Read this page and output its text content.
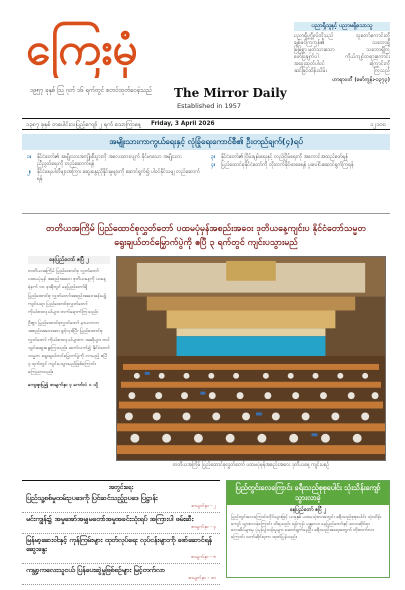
ကြေးမုံ
၁၉၅၇ ခုနှစ် ဩ ဂုတ် ၁၆ ရက်တွင် စတင်ထုတ်ဝေခဲ့သည် The Mirror Daily
Established in 1957
ပညာရှိသူနှင့် ပညာမရှိသောသူ
ပညာရှိပုဂ္ဂိုလ်တို့သည်	သူတော်ကောင်းတို့
ချစ်ခင်ကြကုန်၏	သဘောရှိ
မြဲမြံစွာ မှတ်သားသော	သဘောရှိကြ
ဖော်ပြချက်ပါ	ကိုယ်ကျင့်တရားကောင်း
အထူးထုတ်ပါဝင်	ကြောင်းကို
ဆင်ခြင်ထိန်းသိမ်း	ကြသည်
ဟာရာဝတီ (မော်ကွန်း-၁၃၇၃)
၁၃၈၇ ခုနှစ် တပေါင်းလပြည့်ကျော် ၂ ရက် သောကြာနေ့ Friday, 3 April 2026	၁၂၁၀၀
အမျိုးသားကာကွယ်ရေးနှင့် လုံခြုံရေးကောင်စီ၏ ဦးတည်ချက်(၄)ရပ်
၁။	နိုင်ငံတော်၏ အမျိုးသားအကျိုးစီးပွားကို အလေးထားလျက် ခိုင်မာသော အမျိုးသားညီညွတ်ရေးကို တည်ဆောက်ရန်
၂။	နိုင်ငံရေးပါတီများအကြား ဆွေးနွေးညှိနှိုင်းမှုများကို ဆောင်ရွက်၍ ပါဝင်နိုင်သမျှ တည်ဆောက်ရန်
၃။	နိုင်ငံတော်၏ ငြိမ်းချမ်းရေးနှင့် တည်ငြိမ်ရေးကို အကောင်အထည်ဖော်ရန်
၄။	ပြည်ထောင်စုနိုင်ငံတော်ကို တိုးတက်ခိုင်မာစေရန် ပူးပေါင်းဆောင်ရွက်ကြရန်
တတိယအကြိမ် ပြည်ထောင်စုလွှတ်တော် ပထမပုံမှန်အစည်းအဝေး ဒုတိယနေ့ကျင်းပ နိုင်ငံတော်သမ္မတရွေးချယ်တင်မြှောက်ပွဲကို ဧပြီ ၃ ရက်တွင် ကျင်းပသွားမည်
နေပြည်တော် ဧပြီ ၂

တတိယအကြိမ် ပြည်ထောင်စု လွှတ်တော် ပထမပုံမှန် အစည်းအဝေး ဒုတိယနေ့ကို ယနေ့နံနက် ၁၀ နာရီတွင် နေပြည်တော်ရှိ ပြည်ထောင်စု လွှတ်တော်အစည်းအဝေးခန်းမ၌ ကျင်းပရာ ပြည်ထောင်စုလွှတ်တော် ကိုယ်စားလှယ်များ တက်ရောက်ကြသည်။

ဦးစွာ ပြည်ထောင်စုလွှတ်တော် နာယကက အစည်းအဝေးအား ဖွင့်လှစ်ပြီး ပြည်ထောင်စုလွှတ်တော် ကိုယ်စားလှယ်များက အဆိုများ တင်သွင်းဆွေးနွေးကြသည်။ ဆက်လက်၍ နိုင်ငံတော်သမ္မတ ရွေးချယ်တင်မြှောက်ပွဲကို လာမည့် ဧပြီ ၃ ရက်တွင် ကျင်းပသွားမည်ဖြစ်ကြောင်း ကြေညာသည်။

ကျေးဇူးပြု၍ စာမျက်နှာ ၃ ကော်လံ ၁ သို့

တတိယအကြိမ် ပြည်ထောင်စုလွှတ်တော် ပထမပုံမှန်အစည်းအဝေး ဒုတိယနေ့ ကျင်းပစဉ်
အတွင်းရေး
ပြည်သူ့စစ်မှုထမ်းဥပဒေကို ပြင်ဆင်သည့်ဥပဒေ ပြဋ္ဌာန်း
စာမျက်နှာ - ၂
မင်းကျွန်း၌ အမှုအော်အမျှမတော်အမှုအခင်းသုံးရပ် အကြားပါ ဖမ်းဆီး
စာမျက်နှာ - ၃
မြန်မာ့ဆေးဝါးနှင့် ကုန်ကြမ်းများ ထုတ်လုပ်ရေး လုပ်ငန်းများကို ဖော်ဆောင်ရန် ဆွေးနွေး
စာမျက်နှာ - ၈
ကမ္ဘာ့ကလေးသူငယ် ပြန်ပေးဆွဲမှုဖြစ်စဉ်များ မြင့်တက်လာ
စာမျက်နှာ - ၁၀
ပြည်တွင်းလေကြောင်း ခရီးသည်စုစုပေါင်း သုံးသိန်းကျော် သွားလာခဲ့
နေပြည်တော် ဧပြီ ၂
ပြည်တွင်းလေကြောင်းလိုင်းများဖြင့် ယခုနှစ် ပထမသုံးလအတွင်း ခရီးသည်စုစုပေါင်း သုံးသိန်းကျော် သွားလာခဲ့ကြောင်း သိရသည်။ ရန်ကုန်၊ မန္တလေး၊ နေပြည်တော်နှင့် ဒေသဆိုင်ရာ လေဆိပ်များမှ ပုံမှန်ပျံသန်းမှုများ ဆောင်ရွက်နေပြီး ခရီးသည်အရေအတွက် တိုးတက်လာကြောင်း သက်ဆိုင်ရာက ထုတ်ပြန်သည်။
